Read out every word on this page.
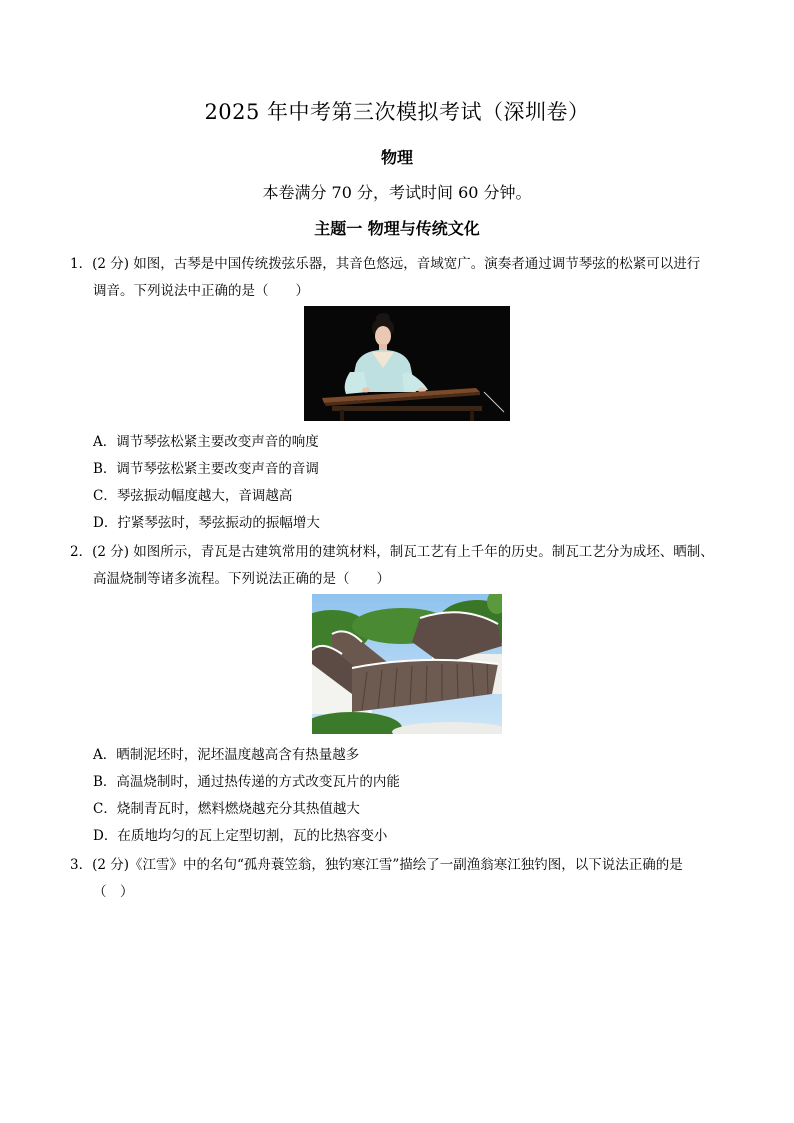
2025 年中考第三次模拟考试（深圳卷）
物理
本卷满分 70 分，考试时间 60 分钟。
主题一 物理与传统文化
1．(2 分) 如图，古琴是中国传统拨弦乐器，其音色悠远，音域宽广。演奏者通过调节琴弦的松紧可以进行
调音。下列说法中正确的是（　　）
A．调节琴弦松紧主要改变声音的响度
B．调节琴弦松紧主要改变声音的音调
C．琴弦振动幅度越大，音调越高
D．拧紧琴弦时，琴弦振动的振幅增大
2．(2 分) 如图所示，青瓦是古建筑常用的建筑材料，制瓦工艺有上千年的历史。制瓦工艺分为成坯、晒制、
高温烧制等诸多流程。下列说法正确的是（　　）
A．晒制泥坯时，泥坯温度越高含有热量越多
B．高温烧制时，通过热传递的方式改变瓦片的内能
C．烧制青瓦时，燃料燃烧越充分其热值越大
D．在质地均匀的瓦上定型切割，瓦的比热容变小
3．(2 分)《江雪》中的名句“孤舟蓑笠翁，独钓寒江雪”描绘了一副渔翁寒江独钓图，以下说法正确的是
（　）
